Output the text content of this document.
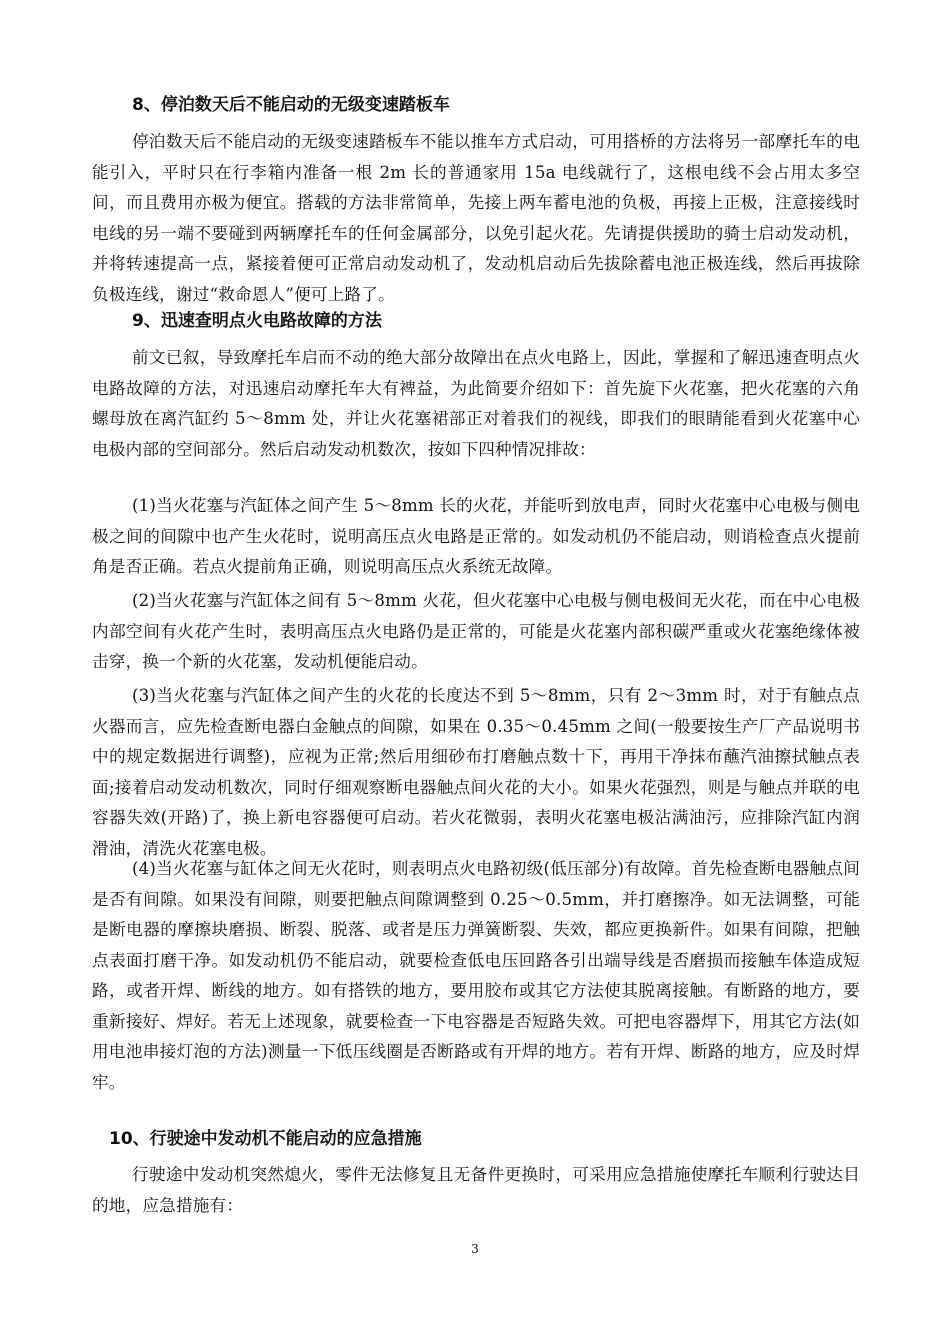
8、停泊数天后不能启动的无级变速踏板车

停泊数天后不能启动的无级变速踏板车不能以推车方式启动，可用搭桥的方法将另一部摩托车的电能引入，平时只在行李箱内准备一根 2m 长的普通家用 15a 电线就行了，这根电线不会占用太多空间，而且费用亦极为便宜。搭载的方法非常简单，先接上两车蓄电池的负极，再接上正极，注意接线时电线的另一端不要碰到两辆摩托车的任何金属部分，以免引起火花。先请提供援助的骑士启动发动机，并将转速提高一点，紧接着便可正常启动发动机了，发动机启动后先拔除蓄电池正极连线，然后再拔除负极连线，谢过“救命恩人”便可上路了。

9、迅速查明点火电路故障的方法

前文已叙，导致摩托车启而不动的绝大部分故障出在点火电路上，因此，掌握和了解迅速查明点火电路故障的方法，对迅速启动摩托车大有裨益，为此简要介绍如下：首先旋下火花塞，把火花塞的六角螺母放在离汽缸约 5～8mm 处，并让火花塞裙部正对着我们的视线，即我们的眼睛能看到火花塞中心电极内部的空间部分。然后启动发动机数次，按如下四种情况排故：

(1)当火花塞与汽缸体之间产生 5～8mm 长的火花，并能听到放电声，同时火花塞中心电极与侧电极之间的间隙中也产生火花时，说明高压点火电路是正常的。如发动机仍不能启动，则诮检查点火提前角是否正确。若点火提前角正确，则说明高压点火系统无故障。

(2)当火花塞与汽缸体之间有 5～8mm 火花，但火花塞中心电极与侧电极间无火花，而在中心电极内部空间有火花产生时，表明高压点火电路仍是正常的，可能是火花塞内部积碳严重或火花塞绝缘体被击穿，换一个新的火花塞，发动机便能启动。

(3)当火花塞与汽缸体之间产生的火花的长度达不到 5～8mm，只有 2～3mm 时，对于有触点点火器而言，应先检查断电器白金触点的间隙，如果在 0.35～0.45mm 之间(一般要按生产厂产品说明书中的规定数据进行调整)，应视为正常;然后用细砂布打磨触点数十下，再用干净抹布蘸汽油擦拭触点表面;接着启动发动机数次，同时仔细观察断电器触点间火花的大小。如果火花强烈，则是与触点并联的电容器失效(开路)了，换上新电容器便可启动。若火花微弱，表明火花塞电极沾满油污，应排除汽缸内润滑油，清洗火花塞电极。

(4)当火花塞与缸体之间无火花时，则表明点火电路初级(低压部分)有故障。首先检查断电器触点间是否有间隙。如果没有间隙，则要把触点间隙调整到 0.25～0.5mm，并打磨擦净。如无法调整，可能是断电器的摩擦块磨损、断裂、脱落、或者是压力弹簧断裂、失效，都应更换新件。如果有间隙，把触点表面打磨干净。如发动机仍不能启动，就要检查低电压回路各引出端导线是否磨损而接触车体造成短路，或者开焊、断线的地方。如有搭铁的地方，要用胶布或其它方法使其脱离接触。有断路的地方，要重新接好、焊好。若无上述现象，就要检查一下电容器是否短路失效。可把电容器焊下，用其它方法(如用电池串接灯泡的方法)测量一下低压线圈是否断路或有开焊的地方。若有开焊、断路的地方，应及时焊牢。

10、行驶途中发动机不能启动的应急措施

行驶途中发动机突然熄火，零件无法修复且无备件更换时，可采用应急措施使摩托车顺利行驶达目的地，应急措施有：

3
